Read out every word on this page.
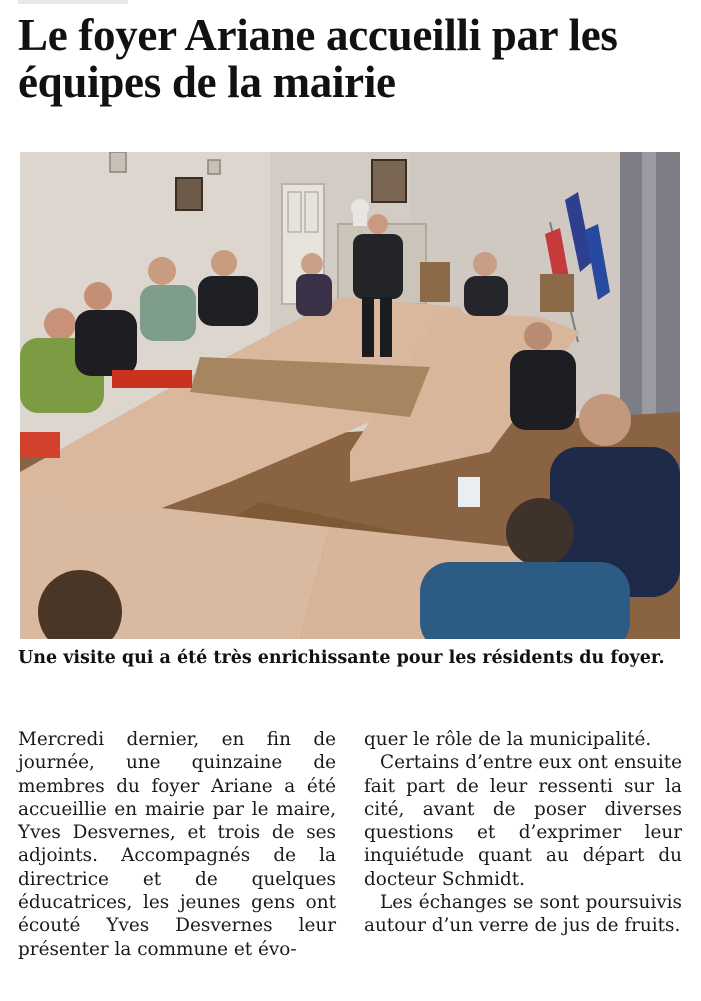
Le foyer Ariane accueilli par les équipes de la mairie

Une visite qui a été très enrichissante pour les résidents du foyer.

Mercredi dernier, en fin de journée, une quinzaine de membres du foyer Ariane a été accueillie en mairie par le maire, Yves Desvernes, et trois de ses adjoints. Accompagnés de la directrice et de quelques éducatrices, les jeunes gens ont écouté Yves Desvernes leur présenter la commune et évo-

quer le rôle de la municipalité.

Certains d’entre eux ont ensuite fait part de leur ressenti sur la cité, avant de poser diverses questions et d’exprimer leur inquiétude quant au départ du docteur Schmidt.

Les échanges se sont poursuivis autour d’un verre de jus de fruits.
